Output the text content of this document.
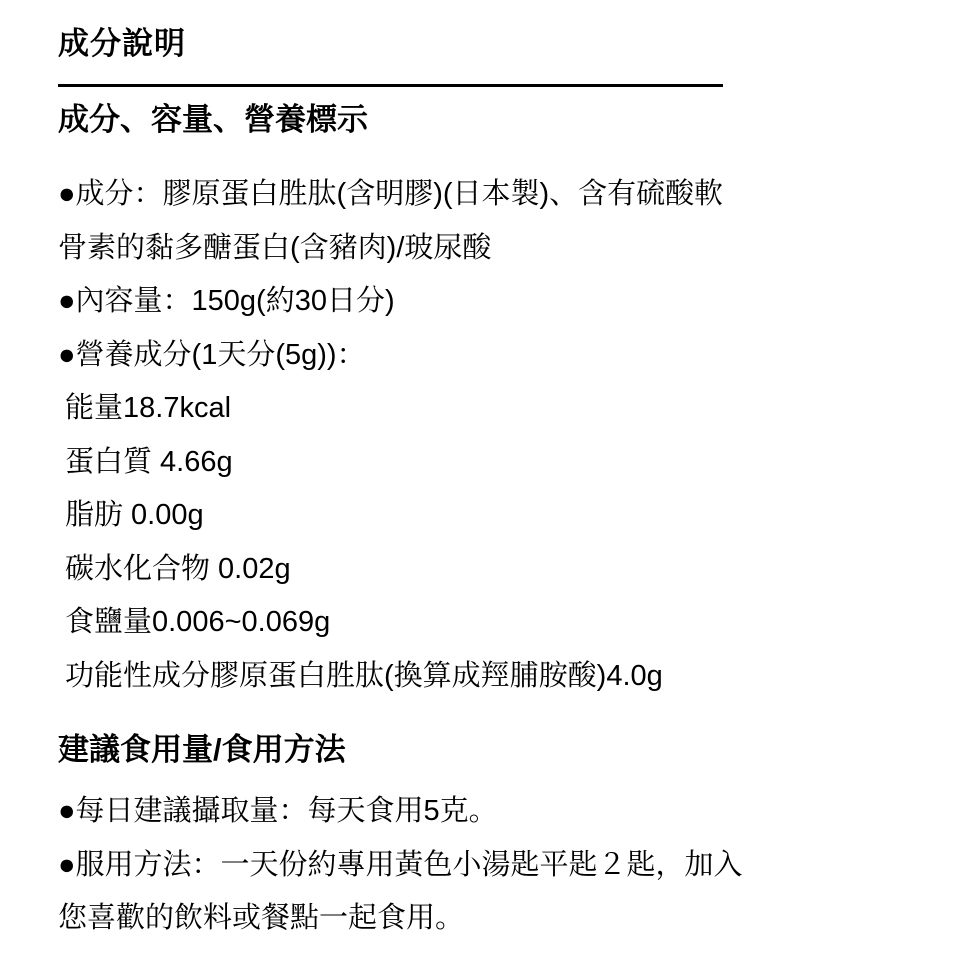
成分說明
成分、容量、營養標示
●成分：膠原蛋白胜肽(含明膠)(日本製)、含有硫酸軟
骨素的黏多醣蛋白(含豬肉)/玻尿酸
●內容量：150g(約30日分)
●營養成分(1天分(5g))：
能量18.7kcal
蛋白質 4.66g
脂肪 0.00g
碳水化合物 0.02g
食鹽量0.006~0.069g
功能性成分膠原蛋白胜肽(換算成羥脯胺酸)4.0g
建議食用量/食用方法
●每日建議攝取量：每天食用5克。
●服用方法：一天份約專用黃色小湯匙平匙２匙，加入
您喜歡的飲料或餐點一起食用。
